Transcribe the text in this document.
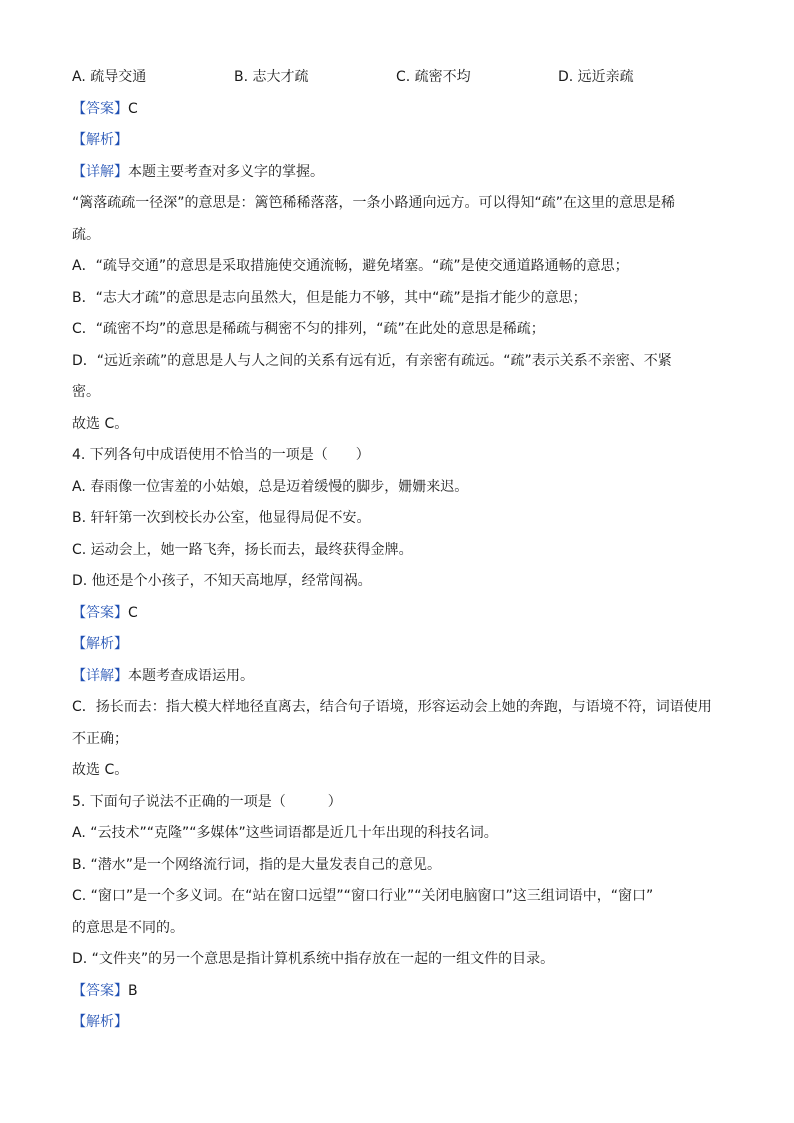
A. 疏导交通	B. 志大才疏	C. 疏密不均	D. 远近亲疏
【答案】C
【解析】
【详解】本题主要考查对多义字的掌握。
“篱落疏疏一径深”的意思是：篱笆稀稀落落，一条小路通向远方。可以得知“疏”在这里的意思是稀
疏。
A．“疏导交通”的意思是采取措施使交通流畅，避免堵塞。“疏”是使交通道路通畅的意思；
B．“志大才疏”的意思是志向虽然大，但是能力不够，其中“疏”是指才能少的意思；
C．“疏密不均”的意思是稀疏与稠密不匀的排列，“疏”在此处的意思是稀疏；
D．“远近亲疏”的意思是人与人之间的关系有远有近，有亲密有疏远。“疏”表示关系不亲密、不紧
密。
故选 C。
4. 下列各句中成语使用不恰当的一项是（　　）
A. 春雨像一位害羞的小姑娘，总是迈着缓慢的脚步，姗姗来迟。
B. 轩轩第一次到校长办公室，他显得局促不安。
C. 运动会上，她一路飞奔，扬长而去，最终获得金牌。
D. 他还是个小孩子，不知天高地厚，经常闯祸。
【答案】C
【解析】
【详解】本题考查成语运用。
C．扬长而去：指大模大样地径直离去，结合句子语境，形容运动会上她的奔跑，与语境不符，词语使用
不正确；
故选 C。
5. 下面句子说法不正确的一项是（　　　）
A. “云技术”“克隆”“多媒体”这些词语都是近几十年出现的科技名词。
B. “潜水”是一个网络流行词，指的是大量发表自己的意见。
C. “窗口”是一个多义词。在“站在窗口远望”“窗口行业”“关闭电脑窗口”这三组词语中，“窗口”
的意思是不同的。
D. “文件夹”的另一个意思是指计算机系统中指存放在一起的一组文件的目录。
【答案】B
【解析】
